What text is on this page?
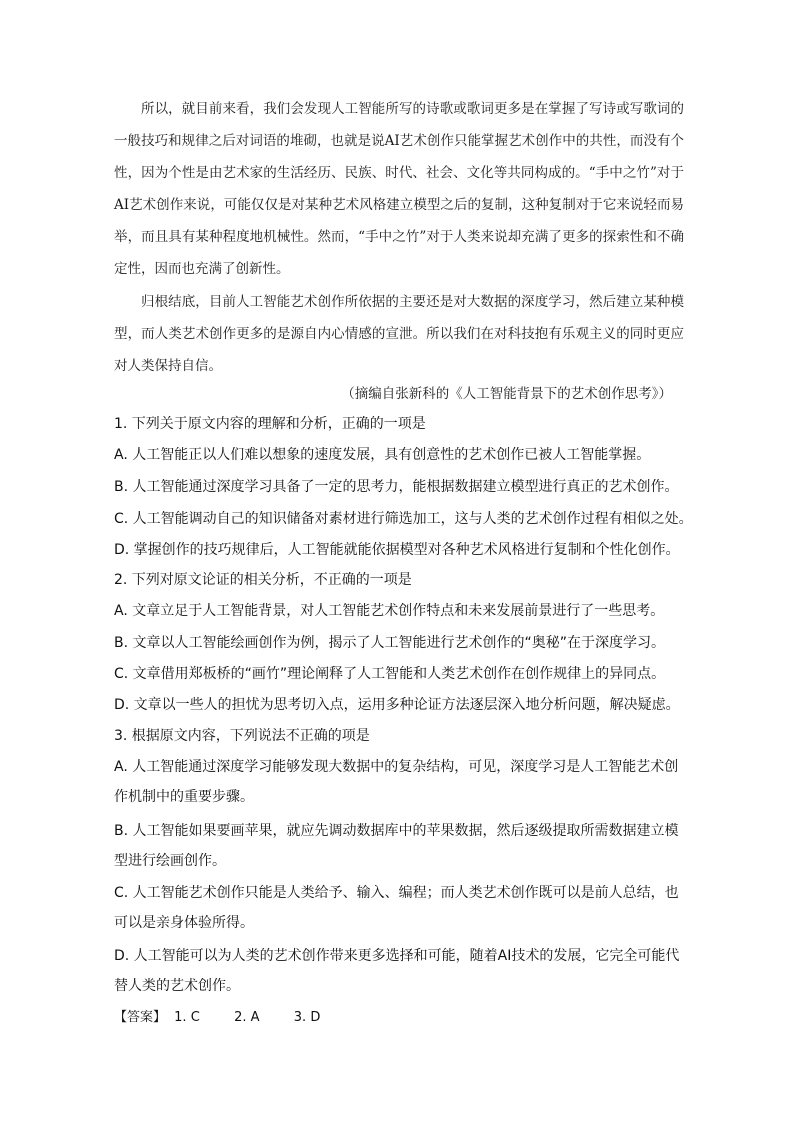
所以，就目前来看，我们会发现人工智能所写的诗歌或歌词更多是在掌握了写诗或写歌词的一般技巧和规律之后对词语的堆砌，也就是说AI艺术创作只能掌握艺术创作中的共性，而没有个性，因为个性是由艺术家的生活经历、民族、时代、社会、文化等共同构成的。“手中之竹”对于AI艺术创作来说，可能仅仅是对某种艺术风格建立模型之后的复制，这种复制对于它来说轻而易举，而且具有某种程度地机械性。然而，“手中之竹”对于人类来说却充满了更多的探索性和不确定性，因而也充满了创新性。
归根结底，目前人工智能艺术创作所依据的主要还是对大数据的深度学习，然后建立某种模型，而人类艺术创作更多的是源自内心情感的宣泄。所以我们在对科技抱有乐观主义的同时更应对人类保持自信。
（摘编自张新科的《人工智能背景下的艺术创作思考》）
1. 下列关于原文内容的理解和分析，正确的一项是
A. 人工智能正以人们难以想象的速度发展，具有创意性的艺术创作已被人工智能掌握。
B. 人工智能通过深度学习具备了一定的思考力，能根据数据建立模型进行真正的艺术创作。
C. 人工智能调动自己的知识储备对素材进行筛选加工，这与人类的艺术创作过程有相似之处。
D. 掌握创作的技巧规律后，人工智能就能依据模型对各种艺术风格进行复制和个性化创作。
2. 下列对原文论证的相关分析，不正确的一项是
A. 文章立足于人工智能背景，对人工智能艺术创作特点和未来发展前景进行了一些思考。
B. 文章以人工智能绘画创作为例，揭示了人工智能进行艺术创作的“奥秘”在于深度学习。
C. 文章借用郑板桥的“画竹”理论阐释了人工智能和人类艺术创作在创作规律上的异同点。
D. 文章以一些人的担忧为思考切入点，运用多种论证方法逐层深入地分析问题，解决疑虑。
3. 根据原文内容，下列说法不正确的项是
A. 人工智能通过深度学习能够发现大数据中的复杂结构，可见，深度学习是人工智能艺术创作机制中的重要步骤。
B. 人工智能如果要画苹果，就应先调动数据库中的苹果数据，然后逐级提取所需数据建立模型进行绘画创作。
C. 人工智能艺术创作只能是人类给予、输入、编程；而人类艺术创作既可以是前人总结，也可以是亲身体验所得。
D. 人工智能可以为人类的艺术创作带来更多选择和可能，随着AI技术的发展，它完全可能代替人类的艺术创作。
【答案】 1. C	2. A	3. D
